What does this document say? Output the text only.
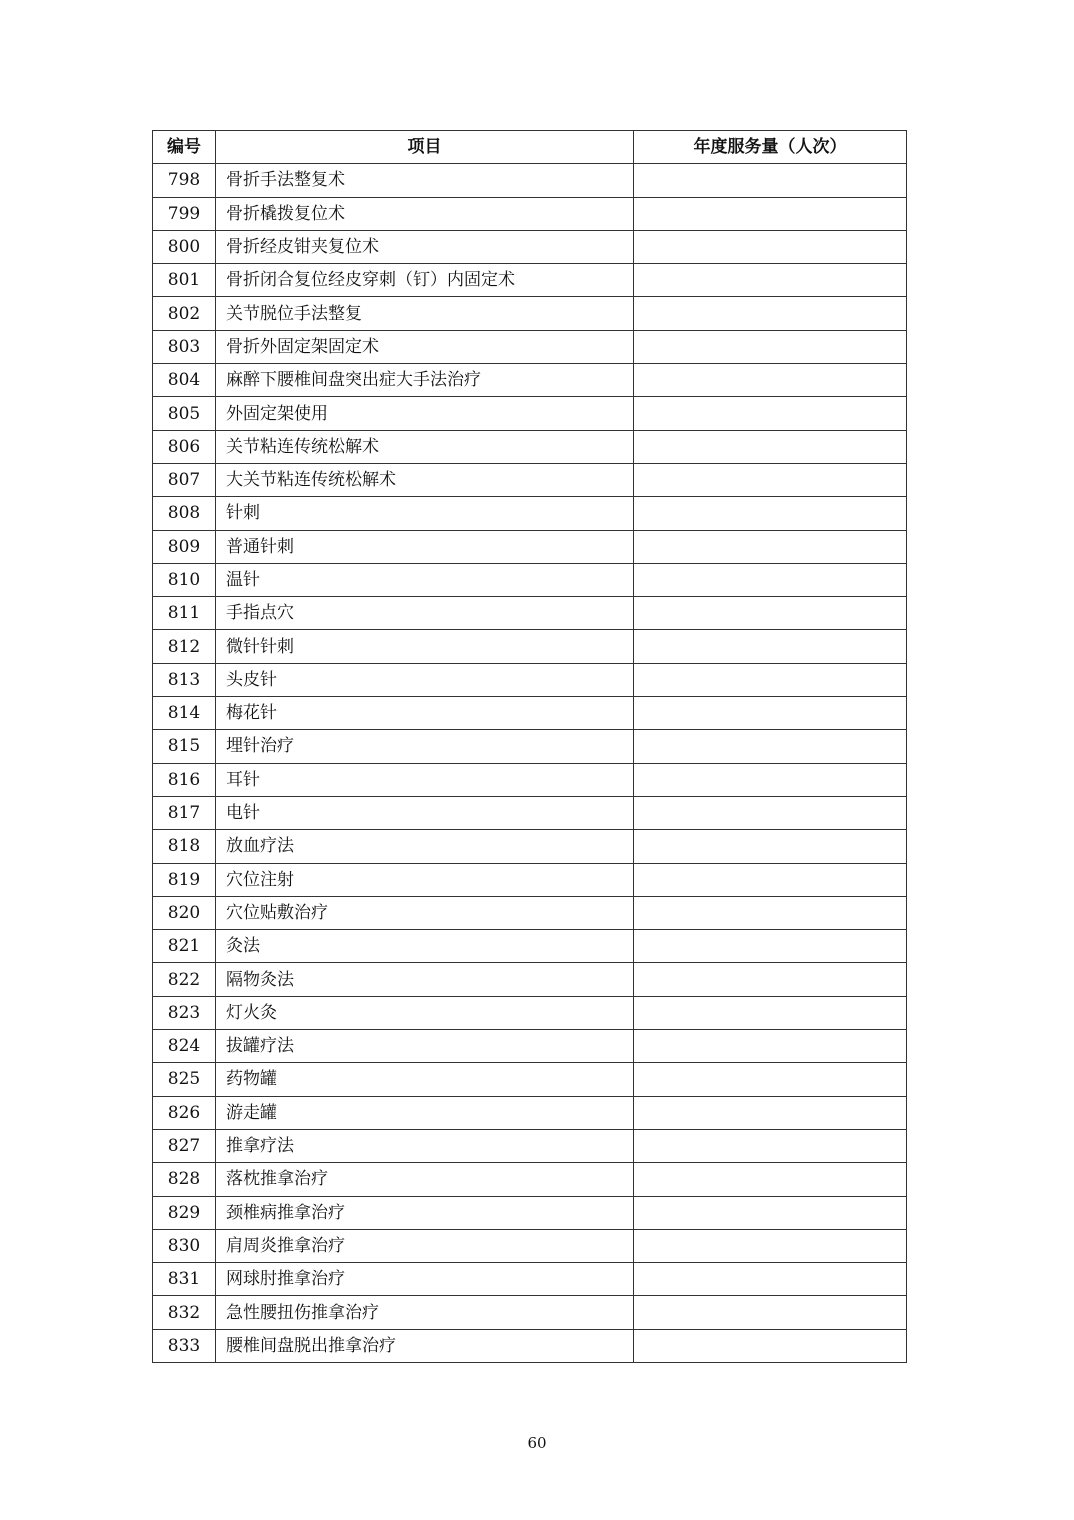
编号	项目	年度服务量（人次）
798	骨折手法整复术	
799	骨折橇拨复位术	
800	骨折经皮钳夹复位术	
801	骨折闭合复位经皮穿刺（钉）内固定术	
802	关节脱位手法整复	
803	骨折外固定架固定术	
804	麻醉下腰椎间盘突出症大手法治疗	
805	外固定架使用	
806	关节粘连传统松解术	
807	大关节粘连传统松解术	
808	针刺	
809	普通针刺	
810	温针	
811	手指点穴	
812	微针针刺	
813	头皮针	
814	梅花针	
815	埋针治疗	
816	耳针	
817	电针	
818	放血疗法	
819	穴位注射	
820	穴位贴敷治疗	
821	灸法	
822	隔物灸法	
823	灯火灸	
824	拔罐疗法	
825	药物罐	
826	游走罐	
827	推拿疗法	
828	落枕推拿治疗	
829	颈椎病推拿治疗	
830	肩周炎推拿治疗	
831	网球肘推拿治疗	
832	急性腰扭伤推拿治疗	
833	腰椎间盘脱出推拿治疗	
60
